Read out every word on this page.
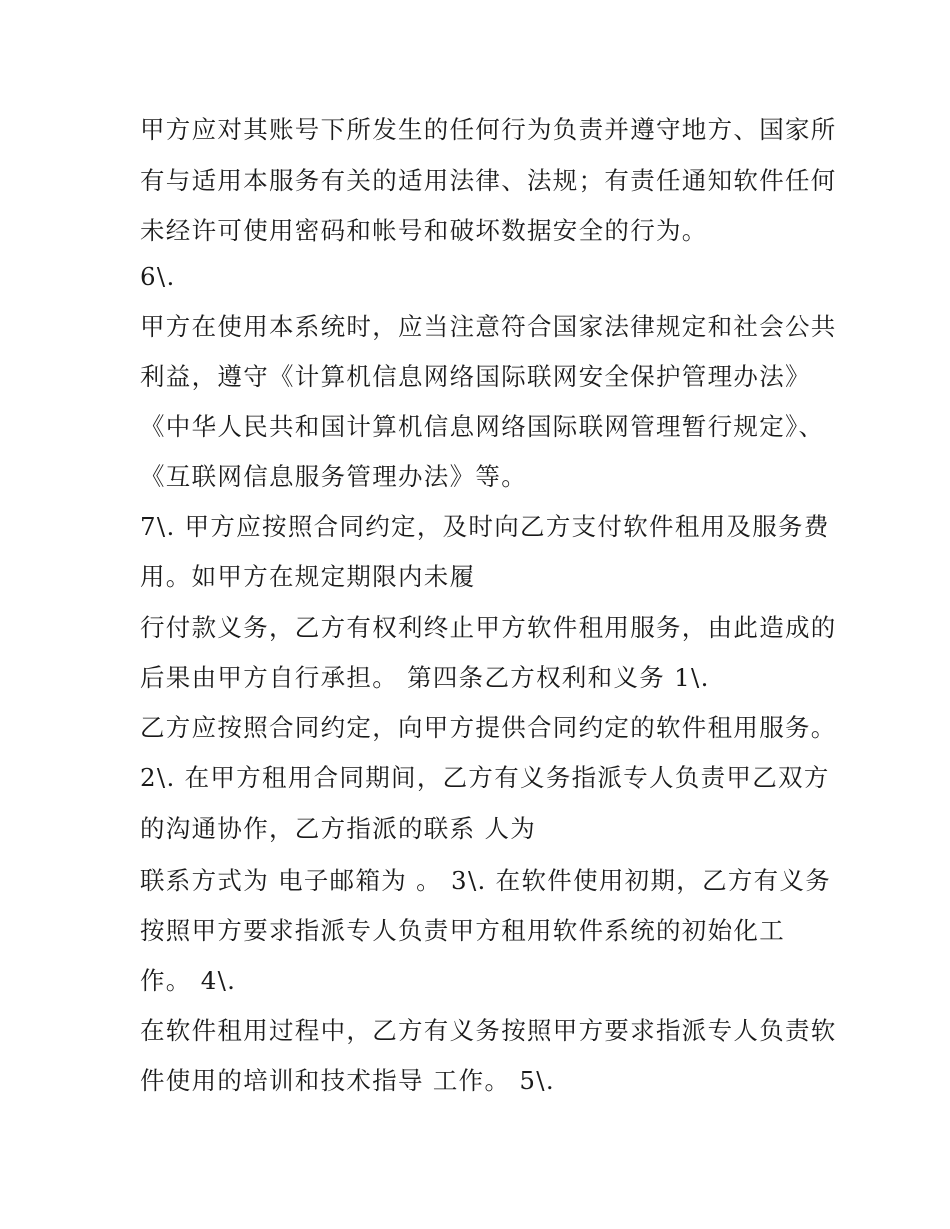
甲方应对其账号下所发生的任何行为负责并遵守地方、国家所
有与适用本服务有关的适用法律、法规；有责任通知软件任何
未经许可使用密码和帐号和破坏数据安全的行为。
6\.
甲方在使用本系统时，应当注意符合国家法律规定和社会公共
利益，遵守《计算机信息网络国际联网安全保护管理办法》
《中华人民共和国计算机信息网络国际联网管理暂行规定》、
《互联网信息服务管理办法》等。
7\. 甲方应按照合同约定，及时向乙方支付软件租用及服务费
用。如甲方在规定期限内未履
行付款义务，乙方有权利终止甲方软件租用服务，由此造成的
后果由甲方自行承担。 第四条乙方权利和义务 1\.
乙方应按照合同约定，向甲方提供合同约定的软件租用服务。
2\. 在甲方租用合同期间，乙方有义务指派专人负责甲乙双方
的沟通协作，乙方指派的联系 人为
联系方式为 电子邮箱为 。 3\. 在软件使用初期，乙方有义务
按照甲方要求指派专人负责甲方租用软件系统的初始化工
作。 4\.
在软件租用过程中，乙方有义务按照甲方要求指派专人负责软
件使用的培训和技术指导 工作。 5\.
